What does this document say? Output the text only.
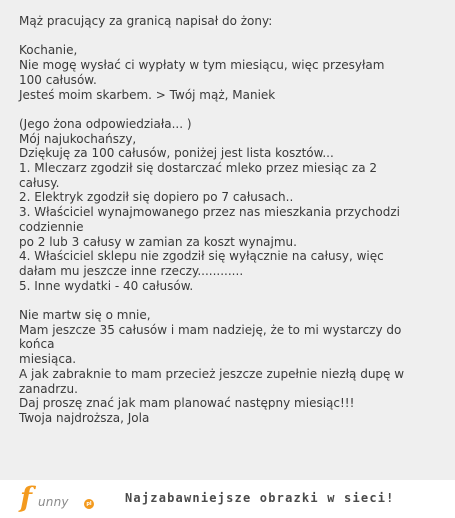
Mąż pracujący za granicą napisał do żony:
Kochanie,
Nie mogę wysłać ci wypłaty w tym miesiącu, więc przesyłam
100 całusów.
Jesteś moim skarbem. > Twój mąż, Maniek
(Jego żona odpowiedziała... )
Mój najukochańszy,
Dziękuję za 100 całusów, poniżej jest lista kosztów...
1. Mleczarz zgodził się dostarczać mleko przez miesiąc za 2
całusy.
2. Elektryk zgodził się dopiero po 7 całusach..
3. Właściciel wynajmowanego przez nas mieszkania przychodzi
codziennie
po 2 lub 3 całusy w zamian za koszt wynajmu.
4. Właściciel sklepu nie zgodził się wyłącznie na całusy, więc
dałam mu jeszcze inne rzeczy............
5. Inne wydatki - 40 całusów.
Nie martw się o mnie,
Mam jeszcze 35 całusów i mam nadzieję, że to mi wystarczy do
końca
miesiąca.
A jak zabraknie to mam przecież jeszcze zupełnie niezłą dupę w
zanadrzu.
Daj proszę znać jak mam planować następny miesiąc!!!
Twoja najdroższa, Jola
f unny	pl	Najzabawniejsze obrazki w sieci!
